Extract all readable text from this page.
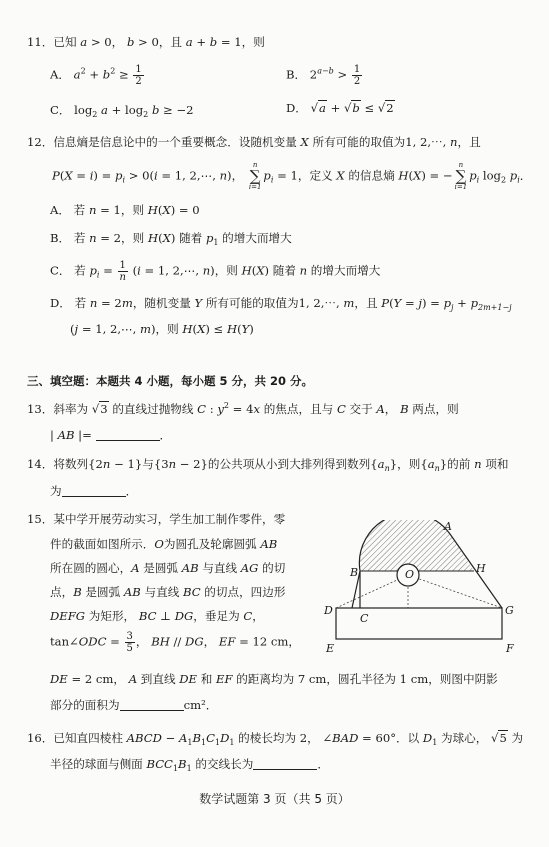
11．已知 a > 0， b > 0，且 a + b = 1，则
A． $a^2 + b^2 \ge \frac{1}{2}$	B． $2^{a-b} > \frac{1}{2}$
C． $\log_2 a + \log_2 b \ge -2$	D． √a + √b ≤ √2
12．信息熵是信息论中的一个重要概念．设随机变量 X 所有可能的取值为1, 2,⋯, n，且
$P(X = i) = p_i > 0(i = 1$, 2,⋯, n)，
n
∑
i=1
$p_i = 1$，定义 X 的信息熵 H(X) = −
n
∑
i=1
$p_i$ $\log_2 p_i$．
A． 若 n = 1，则 H(X) = 0
B． 若 n = 2，则 H(X) 随着 $p_1$ 的增大而增大
C． 若 $p_i = \frac{1}{n} (i = 1$, 2,⋯, n)，则 H(X) 随着 n 的增大而增大
D． 若 n = 2m，随机变量 Y 所有可能的取值为1, 2,⋯, m，且 $P(Y = j) = p_j + p_{2m+1-j}$
(j = 1, 2,⋯, m)，则 H(X) ≤ H(Y)
三、填空题：本题共 4 小题，每小题 5 分，共 20 分。
13．斜率为 √3 的直线过抛物线 C : $y^2 = 4x$ 的焦点，且与 C 交于 A， B 两点，则
| AB |=	．
14．将数列{2n − 1}与{3n − 2}的公共项从小到大排列得到数列$\{a_n\}$，则$\{a_n\}$的前 n 项和
为	．
15．某中学开展劳动实习，学生加工制作零件，零
件的截面如图所示．O为圆孔及轮廓圆弧 AB
所在圆的圆心，A 是圆弧 AB 与直线 AG 的切
点，B 是圆弧 AB 与直线 BC 的切点，四边形
DEFG 为矩形， BC ⊥ DG，垂足为 C，
tan∠ODC = $\frac{3}{5}$ ， BH // DG， EF = 12 cm，
DE = 2 cm， A 到直线 DE 和 EF 的距离均为 7 cm，圆孔半径为 1 cm，则图中阴影
部分的面积为	cm²．
A
B	O	H
D
C
G
E	F
16．已知直四棱柱 ABCD − $A_1B_1C_1D_1$ 的棱长均为 2， ∠BAD = 60°．以 $D_1$ 为球心， √5 为
半径的球面与侧面 $BCC_1B_1$ 的交线长为	．
数学试题第 3 页（共 5 页）
